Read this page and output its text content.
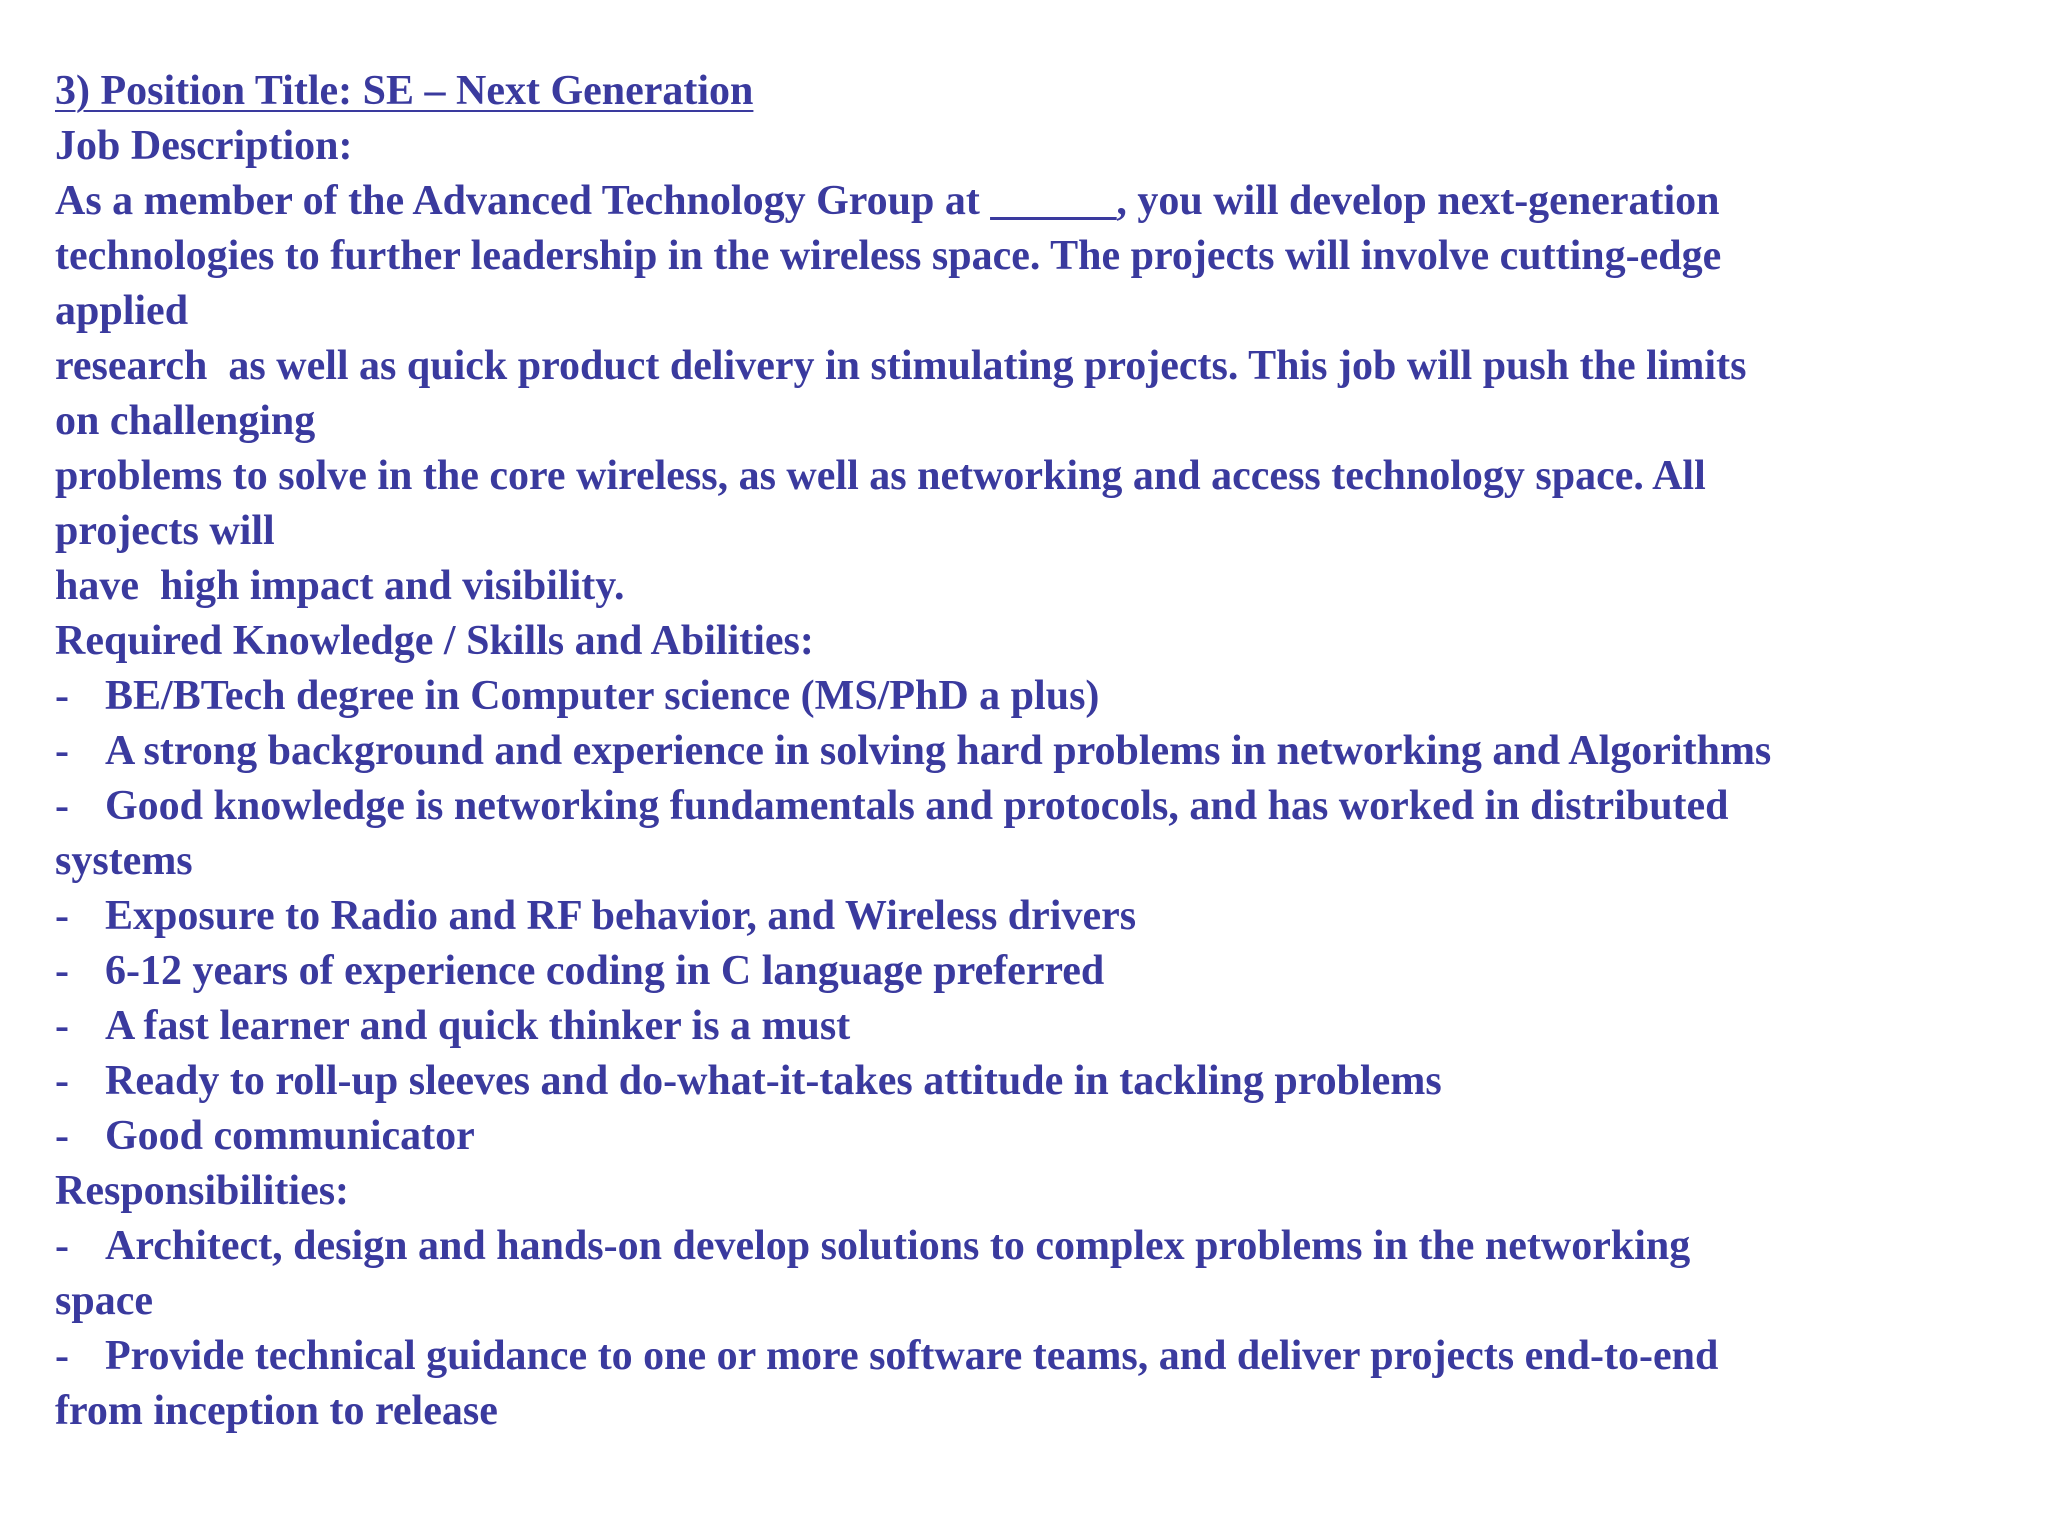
3) Position Title: SE – Next Generation
Job Description:
As a member of the Advanced Technology Group at ______, you will develop next-generation
technologies to further leadership in the wireless space. The projects will involve cutting-edge
applied
research  as well as quick product delivery in stimulating projects. This job will push the limits
on challenging
problems to solve in the core wireless, as well as networking and access technology space. All
projects will
have  high impact and visibility.
Required Knowledge / Skills and Abilities:
- BE/BTech degree in Computer science (MS/PhD a plus)
- A strong background and experience in solving hard problems in networking and Algorithms
- Good knowledge is networking fundamentals and protocols, and has worked in distributed
systems
- Exposure to Radio and RF behavior, and Wireless drivers
- 6-12 years of experience coding in C language preferred
- A fast learner and quick thinker is a must
- Ready to roll-up sleeves and do-what-it-takes attitude in tackling problems
- Good communicator
Responsibilities:
- Architect, design and hands-on develop solutions to complex problems in the networking
space
- Provide technical guidance to one or more software teams, and deliver projects end-to-end
from inception to release
